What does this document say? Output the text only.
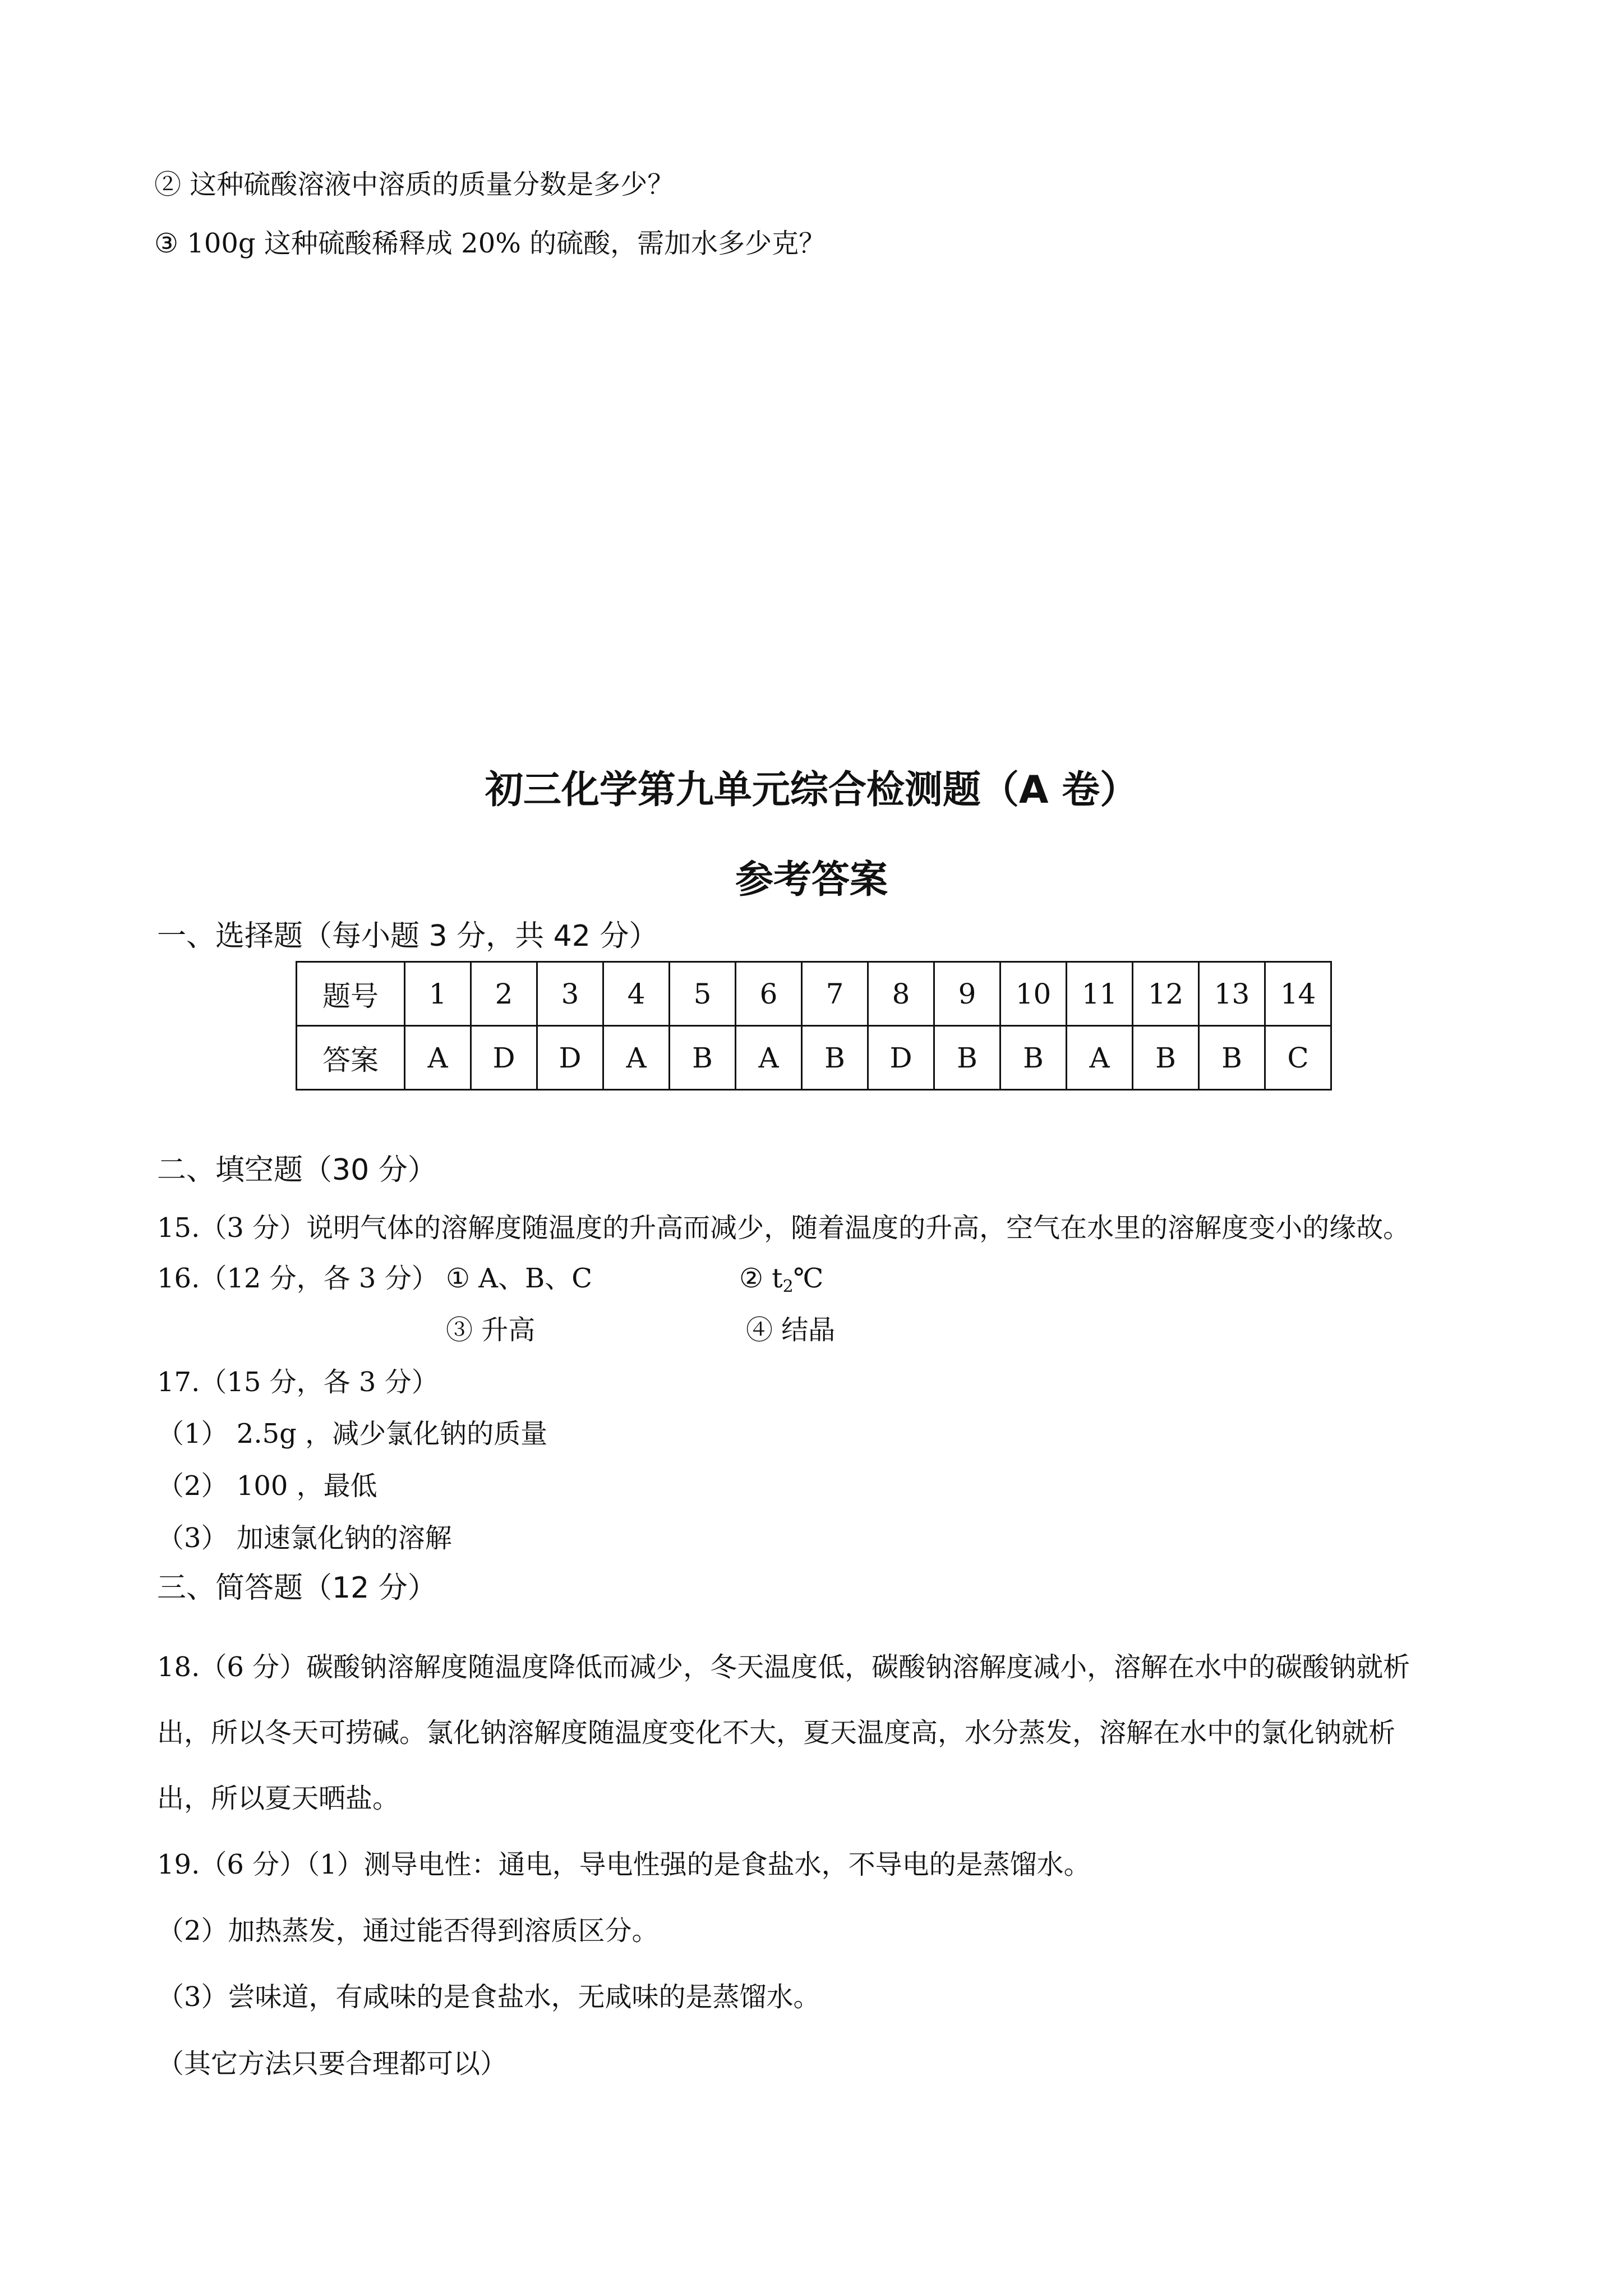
② 这种硫酸溶液中溶质的质量分数是多少？
③ 100g 这种硫酸稀释成 20% 的硫酸，需加水多少克？
初三化学第九单元综合检测题（A 卷）
参考答案
一、选择题（每小题 3 分，共 42 分）
题号	1	2	3	4	5	6	7	8	9	10	11	12	13	14
答案	A	D	D	A	B	A	B	D	B	B	A	B	B	C
二、填空题（30 分）
15.（3 分）说明气体的溶解度随温度的升高而减少，随着温度的升高，空气在水里的溶解度变小的缘故。
16.（12 分，各 3 分） ① A、B、C	② $t_2℃$
③ 升高	④ 结晶
17.（15 分，各 3 分）
（1） 2.5g ，减少氯化钠的质量
（2） 100 ，最低
（3） 加速氯化钠的溶解
三、简答题（12 分）
18.（6 分）碳酸钠溶解度随温度降低而减少，冬天温度低，碳酸钠溶解度减小，溶解在水中的碳酸钠就析
出，所以冬天可捞碱。氯化钠溶解度随温度变化不大，夏天温度高，水分蒸发，溶解在水中的氯化钠就析
出，所以夏天晒盐。
19.（6 分）（1）测导电性：通电，导电性强的是食盐水，不导电的是蒸馏水。
（2）加热蒸发，通过能否得到溶质区分。
（3）尝味道，有咸味的是食盐水，无咸味的是蒸馏水。
（其它方法只要合理都可以）
